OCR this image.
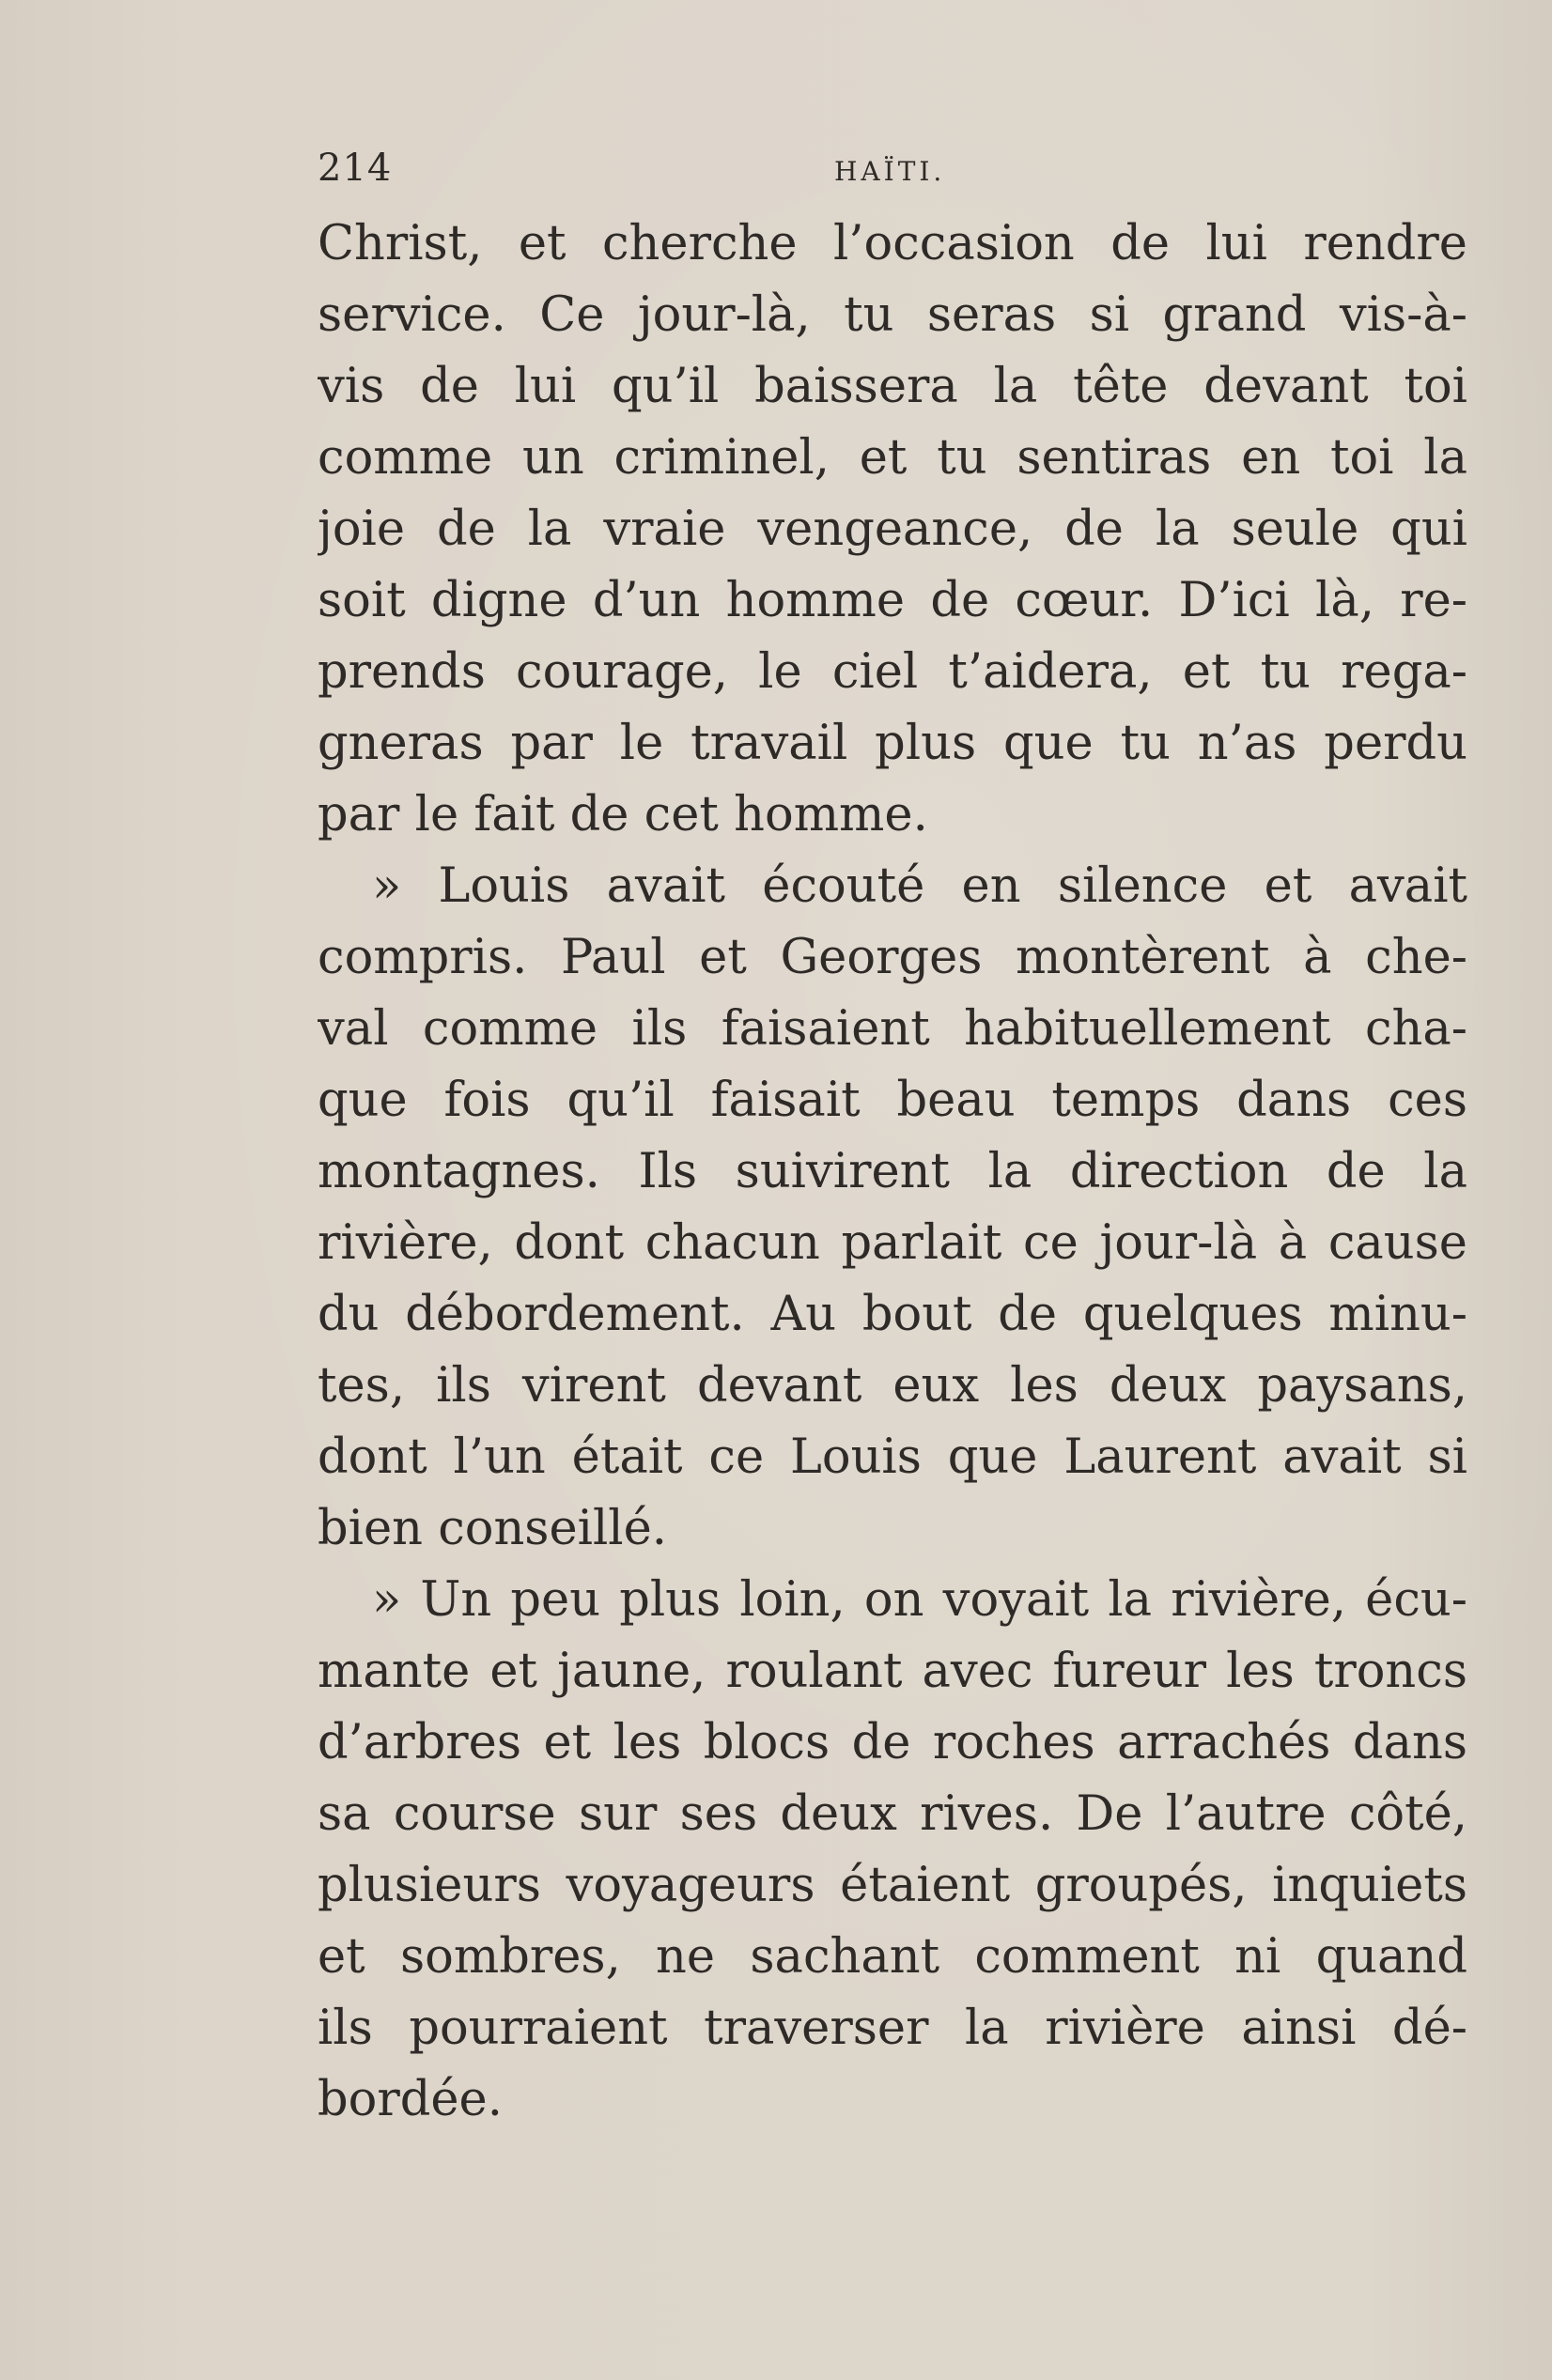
214	HAÏTI.
Christ, et cherche l’occasion de lui rendre
service. Ce jour-là, tu seras si grand vis-à-
vis de lui qu’il baissera la tête devant toi
comme un criminel, et tu sentiras en toi la
joie de la vraie vengeance, de la seule qui
soit digne d’un homme de cœur. D’ici là, re-
prends courage, le ciel t’aidera, et tu rega-
gneras par le travail plus que tu n’as perdu
par le fait de cet homme.
» Louis avait écouté en silence et avait
compris. Paul et Georges montèrent à che-
val comme ils faisaient habituellement cha-
que fois qu’il faisait beau temps dans ces
montagnes. Ils suivirent la direction de la
rivière, dont chacun parlait ce jour-là à cause
du débordement. Au bout de quelques minu-
tes, ils virent devant eux les deux paysans,
dont l’un était ce Louis que Laurent avait si
bien conseillé.
» Un peu plus loin, on voyait la rivière, écu-
mante et jaune, roulant avec fureur les troncs
d’arbres et les blocs de roches arrachés dans
sa course sur ses deux rives. De l’autre côté,
plusieurs voyageurs étaient groupés, inquiets
et sombres, ne sachant comment ni quand
ils pourraient traverser la rivière ainsi dé-
bordée.
